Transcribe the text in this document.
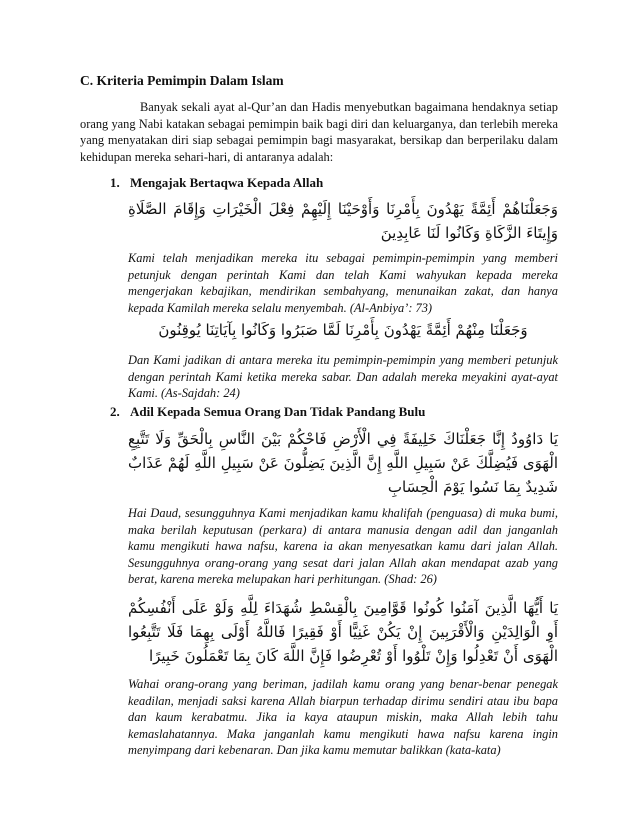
C. Kriteria Pemimpin Dalam Islam
Banyak sekali ayat al-Qur’an dan Hadis menyebutkan bagaimana hendaknya setiap orang yang Nabi katakan sebagai pemimpin baik bagi diri dan keluarganya, dan terlebih mereka yang menyatakan diri siap sebagai pemimpin bagi masyarakat, bersikap dan berperilaku dalam kehidupan mereka sehari-hari, di antaranya adalah:
1. Mengajak Bertaqwa Kepada Allah
وَجَعَلْنَاهُمْ أَئِمَّةً يَهْدُونَ بِأَمْرِنَا وَأَوْحَيْنَا إِلَيْهِمْ فِعْلَ الْخَيْرَاتِ وَإِقَامَ الصَّلَاةِ وَإِيتَاءَ الزَّكَاةِ وَكَانُوا لَنَا عَابِدِينَ
Kami telah menjadikan mereka itu sebagai pemimpin-pemimpin yang memberi petunjuk dengan perintah Kami dan telah Kami wahyukan kepada mereka mengerjakan kebajikan, mendirikan sembahyang, menunaikan zakat, dan hanya kepada Kamilah mereka selalu menyembah. (Al-Anbiya’: 73)
وَجَعَلْنَا مِنْهُمْ أَئِمَّةً يَهْدُونَ بِأَمْرِنَا لَمَّا صَبَرُوا وَكَانُوا بِآيَاتِنَا يُوقِنُونَ
Dan Kami jadikan di antara mereka itu pemimpin-pemimpin yang memberi petunjuk dengan perintah Kami ketika mereka sabar. Dan adalah mereka meyakini ayat-ayat Kami. (As-Sajdah: 24)
2. Adil Kepada Semua Orang Dan Tidak Pandang Bulu
يَا دَاوُودُ إِنَّا جَعَلْنَاكَ خَلِيفَةً فِي الْأَرْضِ فَاحْكُمْ بَيْنَ النَّاسِ بِالْحَقِّ وَلَا تَتَّبِعِ الْهَوَى فَيُضِلَّكَ عَنْ سَبِيلِ اللَّهِ إِنَّ الَّذِينَ يَضِلُّونَ عَنْ سَبِيلِ اللَّهِ لَهُمْ عَذَابٌ شَدِيدٌ بِمَا نَسُوا يَوْمَ الْحِسَابِ
Hai Daud, sesungguhnya Kami menjadikan kamu khalifah (penguasa) di muka bumi, maka berilah keputusan (perkara) di antara manusia dengan adil dan janganlah kamu mengikuti hawa nafsu, karena ia akan menyesatkan kamu dari jalan Allah. Sesungguhnya orang-orang yang sesat dari jalan Allah akan mendapat azab yang berat, karena mereka melupakan hari perhitungan. (Shad: 26)
يَا أَيُّهَا الَّذِينَ آمَنُوا كُونُوا قَوَّامِينَ بِالْقِسْطِ شُهَدَاءَ لِلَّهِ وَلَوْ عَلَى أَنْفُسِكُمْ أَوِ الْوَالِدَيْنِ وَالْأَقْرَبِينَ إِنْ يَكُنْ غَنِيًّا أَوْ فَقِيرًا فَاللَّهُ أَوْلَى بِهِمَا فَلَا تَتَّبِعُوا الْهَوَى أَنْ تَعْدِلُوا وَإِنْ تَلْوُوا أَوْ تُعْرِضُوا فَإِنَّ اللَّهَ كَانَ بِمَا تَعْمَلُونَ خَبِيرًا
Wahai orang-orang yang beriman, jadilah kamu orang yang benar-benar penegak keadilan, menjadi saksi karena Allah biarpun terhadap dirimu sendiri atau ibu bapa dan kaum kerabatmu. Jika ia kaya ataupun miskin, maka Allah lebih tahu kemaslahatannya. Maka janganlah kamu mengikuti hawa nafsu karena ingin menyimpang dari kebenaran. Dan jika kamu memutar balikkan (kata-kata)
